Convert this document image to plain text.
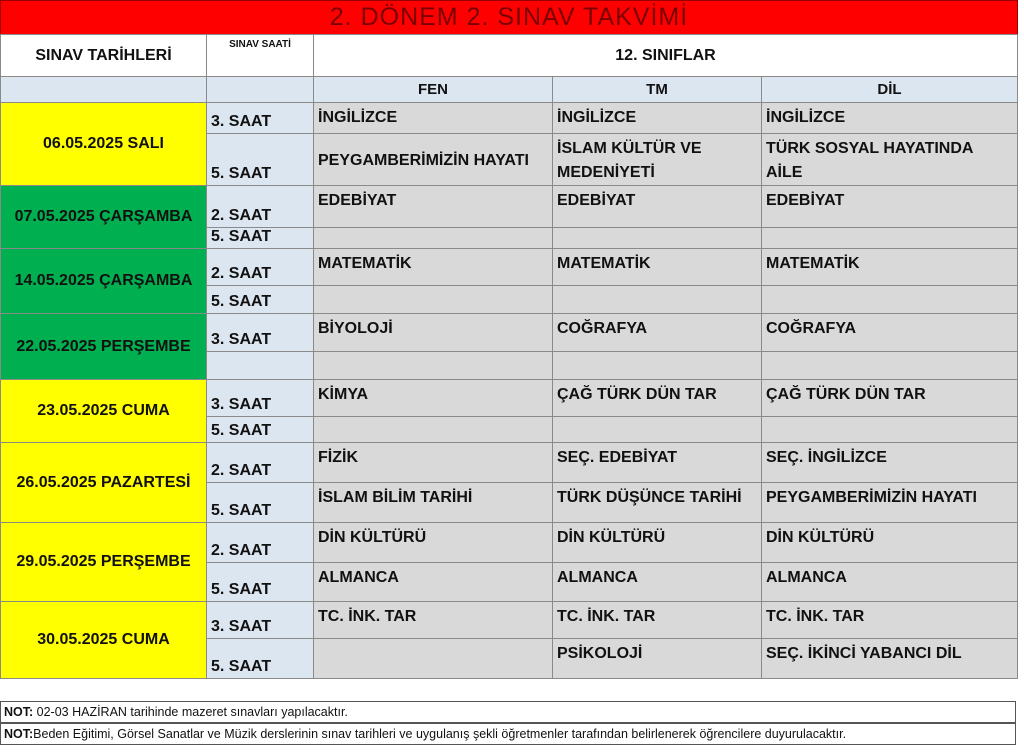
2. DÖNEM 2. SINAV TAKVİMİ
SINAV TARİHLERİ	SINAV SAATİ	12. SINIFLAR		
		FEN	TM	DİL
06.05.2025 SALI	3. SAAT	İNGİLİZCE	İNGİLİZCE	İNGİLİZCE
	5. SAAT	PEYGAMBERİMİZİN HAYATI	İSLAM KÜLTÜR VE MEDENİYETİ	TÜRK SOSYAL HAYATINDA AİLE
07.05.2025 ÇARŞAMBA	2. SAAT	EDEBİYAT	EDEBİYAT	EDEBİYAT
	5. SAAT			
14.05.2025 ÇARŞAMBA	2. SAAT	MATEMATİK	MATEMATİK	MATEMATİK
	5. SAAT			
22.05.2025 PERŞEMBE	3. SAAT	BİYOLOJİ	COĞRAFYA	COĞRAFYA

23.05.2025 CUMA	3. SAAT	KİMYA	ÇAĞ TÜRK DÜN TAR	ÇAĞ TÜRK DÜN TAR
	5. SAAT			
26.05.2025 PAZARTESİ	2. SAAT	FİZİK	SEÇ. EDEBİYAT	SEÇ. İNGİLİZCE
	5. SAAT	İSLAM BİLİM TARİHİ	TÜRK DÜŞÜNCE TARİHİ	PEYGAMBERİMİZİN HAYATI
29.05.2025 PERŞEMBE	2. SAAT	DİN KÜLTÜRÜ	DİN KÜLTÜRÜ	DİN KÜLTÜRÜ
	5. SAAT	ALMANCA	ALMANCA	ALMANCA
30.05.2025 CUMA	3. SAAT	TC. İNK. TAR	TC. İNK. TAR	TC. İNK. TAR
	5. SAAT		PSİKOLOJİ	SEÇ. İKİNCİ YABANCI DİL
NOT: 02-03 HAZİRAN tarihinde mazeret sınavları yapılacaktır.
NOT:Beden Eğitimi, Görsel Sanatlar ve Müzik derslerinin sınav tarihleri ve uygulanış şekli öğretmenler tarafından belirlenerek öğrencilere duyurulacaktır.
